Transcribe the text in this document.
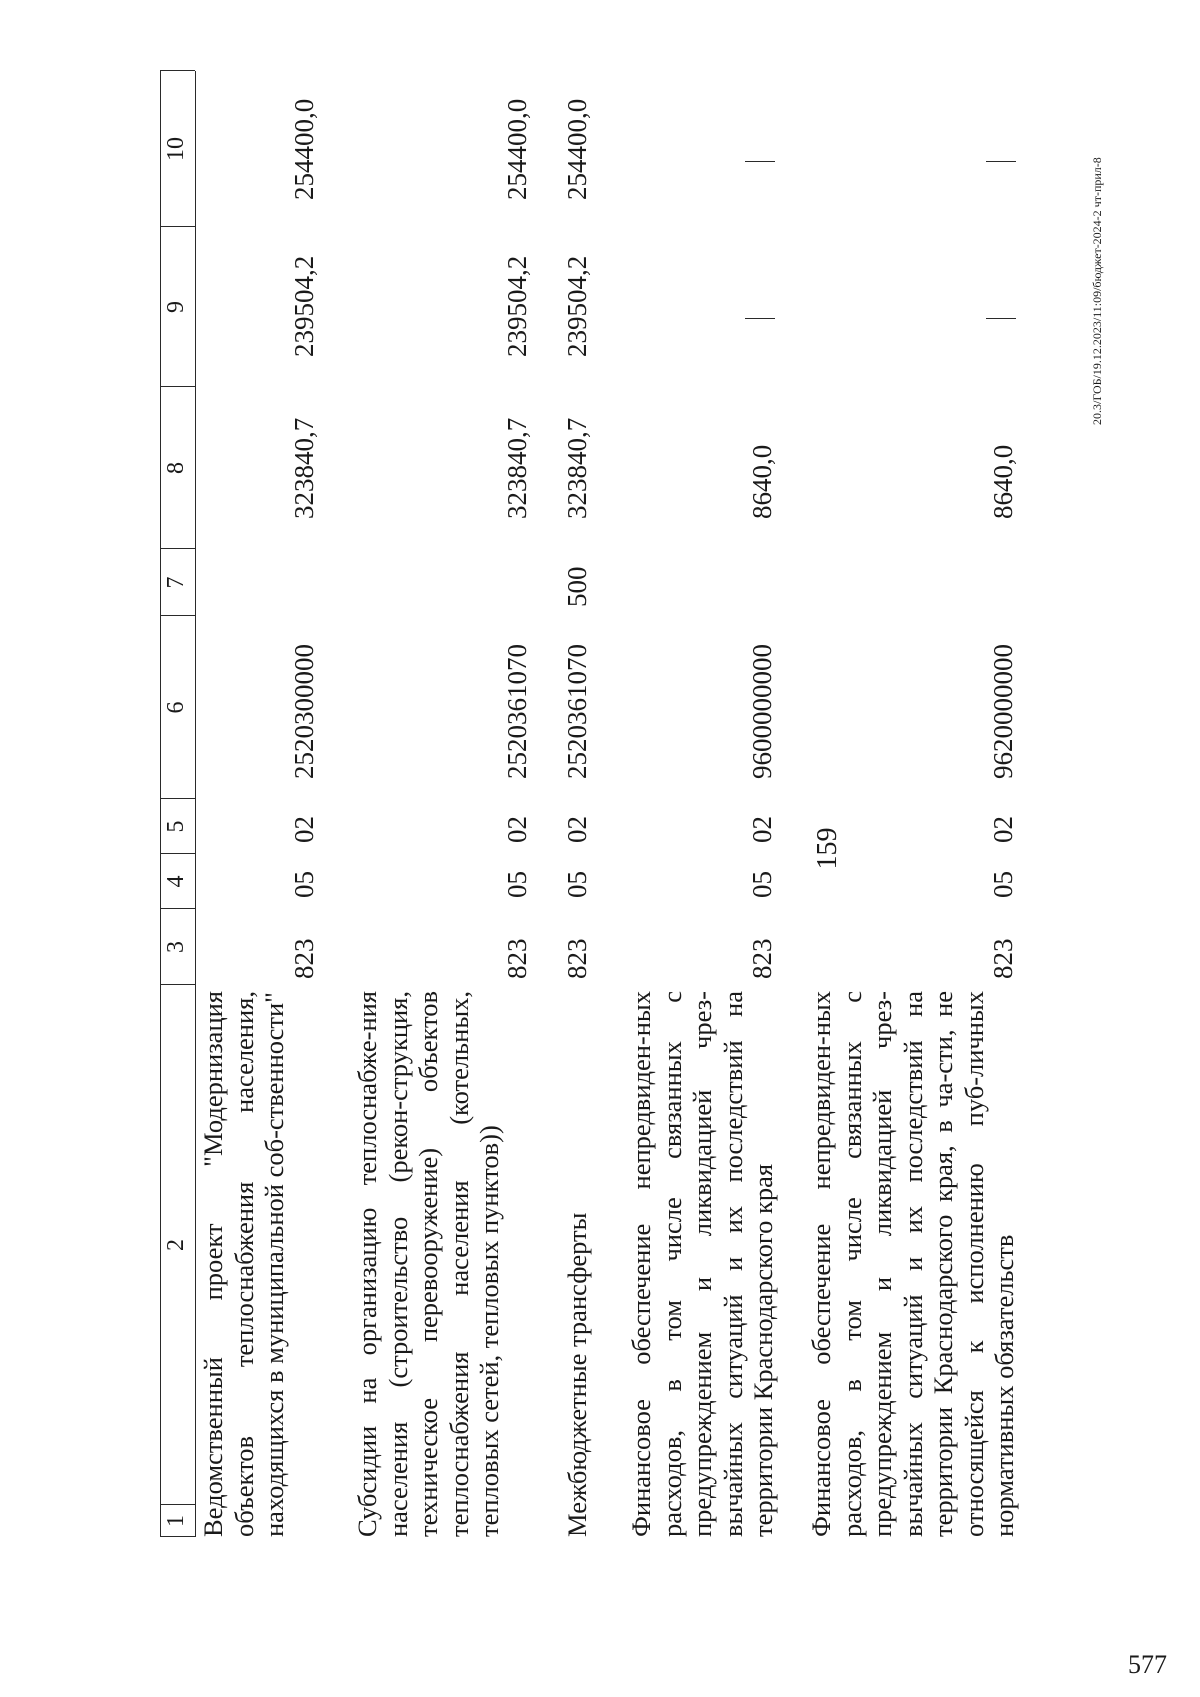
1
2
3
4
5
6
7
8
9
10
Ведомственный проект "Модернизация объектов теплоснабжения населения, находящихся в муниципальной соб-ственности"
823
05
02
2520300000
323840,7
239504,2
254400,0
Субсидии на организацию теплоснабже-ния населения (строительство (рекон-струкция, техническое перевооружение) объектов теплоснабжения населения (котельных, тепловых сетей, тепловых пунктов))
823
05
02
2520361070
323840,7
239504,2
254400,0
Межбюджетные трансферты
823
05
02
2520361070
500
323840,7
239504,2
254400,0
Финансовое обеспечение непредвиден-ных расходов, в том числе связанных с предупреждением и ликвидацией чрез-вычайных ситуаций и их последствий на территории Краснодарского края
823
05
02
9600000000
8640,0
Финансовое обеспечение непредвиден-ных расходов, в том числе связанных с предупреждением и ликвидацией чрез-вычайных ситуаций и их последствий на территории Краснодарского края, в ча-сти, не относящейся к исполнению пуб-личных нормативных обязательств
823
05
02
9620000000
8640,0
159
20.3/ГОБ/19.12.2023/11:09/бюджет-2024-2 чт-прил-8
577
